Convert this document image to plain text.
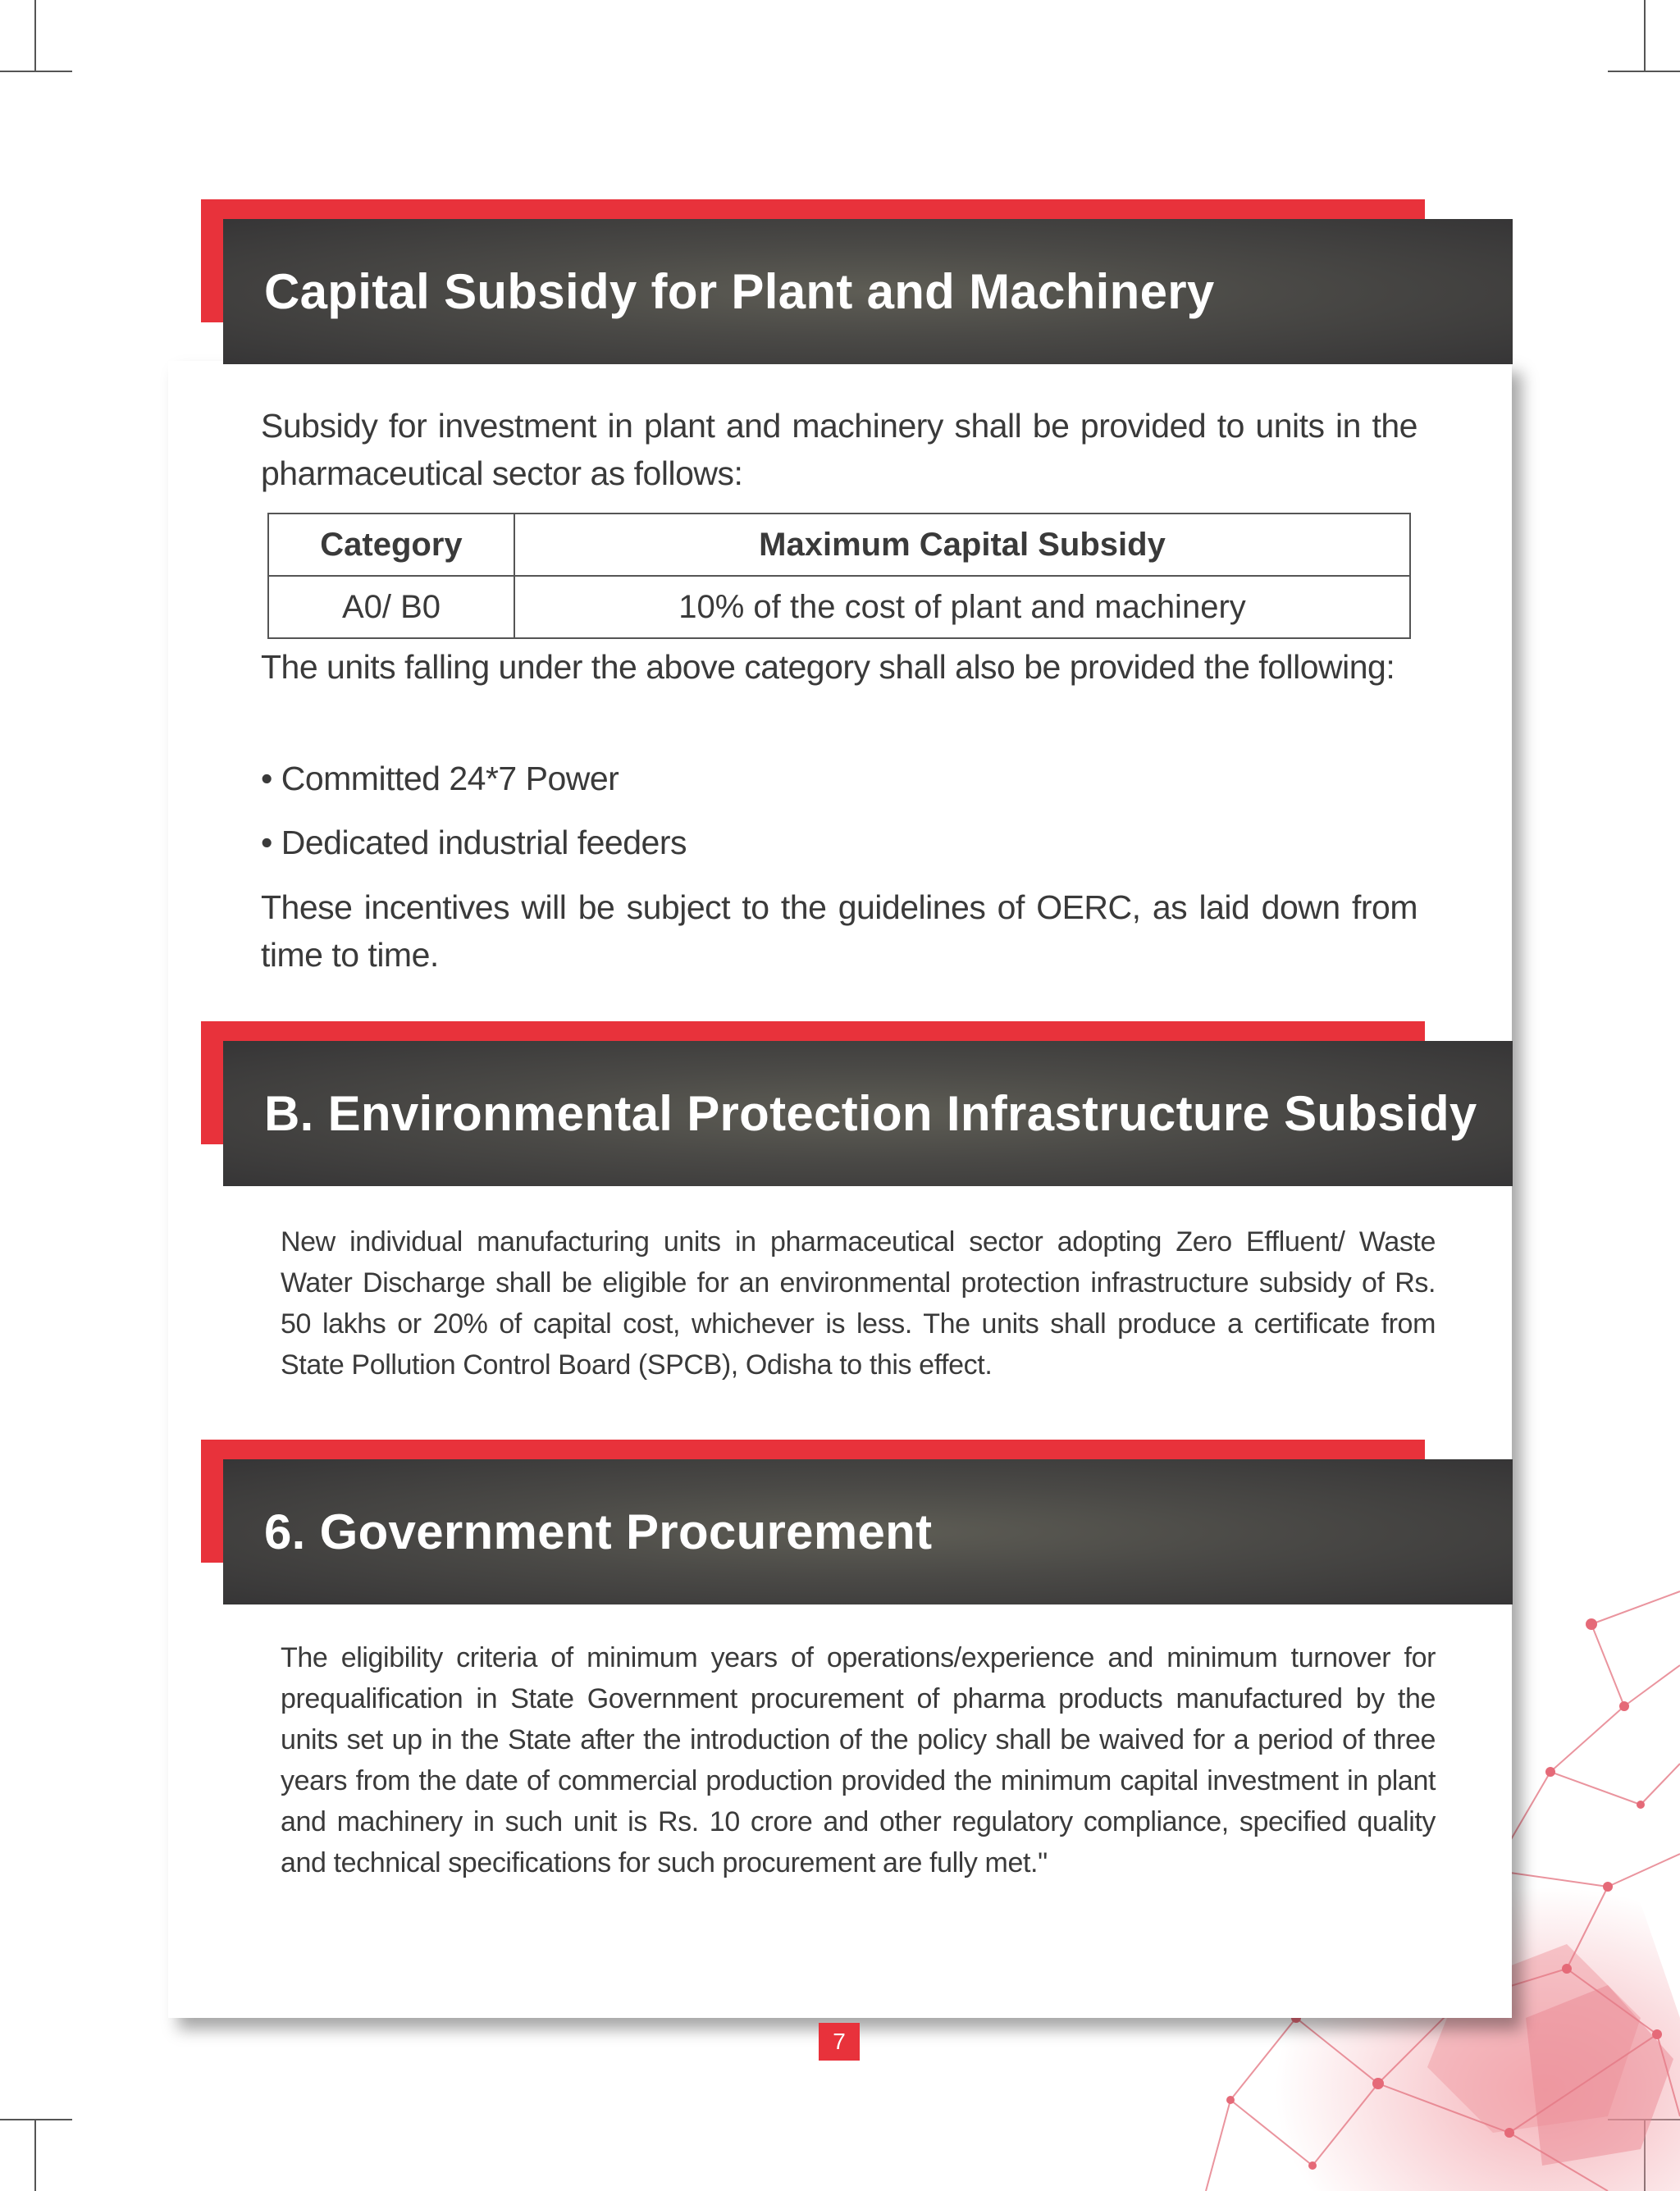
Capital Subsidy for Plant and Machinery
Subsidy for investment in plant and machinery shall be provided to units in the pharmaceutical sector as follows:
Category	Maximum Capital Subsidy
A0/ B0	10% of the cost of plant and machinery
The units falling under the above category shall also be provided the following:
• Committed 24*7 Power
• Dedicated industrial feeders
These incentives will be subject to the guidelines of OERC, as laid down from time to time.
B. Environmental Protection Infrastructure Subsidy
New individual manufacturing units in pharmaceutical sector adopting Zero Effluent/ Waste Water Discharge shall be eligible for an environmental protection infrastructure subsidy of Rs. 50 lakhs or 20% of capital cost, whichever is less. The units shall produce a certificate from State Pollution Control Board (SPCB), Odisha to this effect.
6. Government Procurement
The eligibility criteria of minimum years of operations/experience and minimum turnover for prequalification in State Government procurement of pharma products manufactured by the units set up in the State after the introduction of the policy shall be waived for a period of three years from the date of commercial production provided the minimum capital investment in plant and machinery in such unit is Rs. 10 crore and other regulatory compliance, specified quality and technical specifications for such procurement are fully met."
7
